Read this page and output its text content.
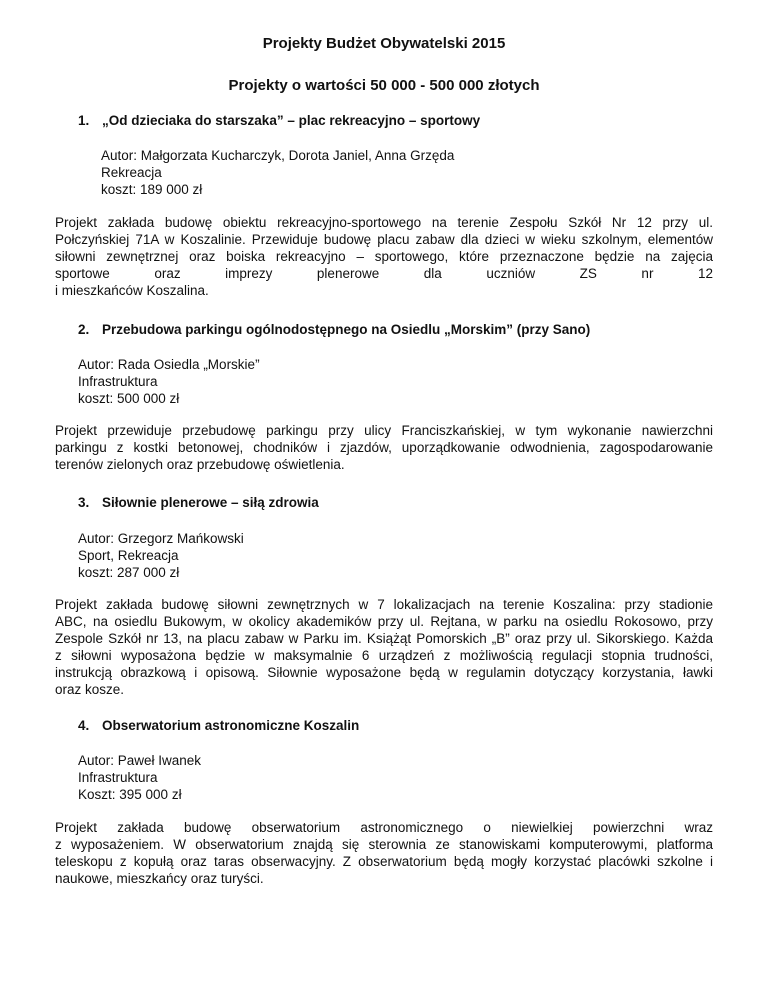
Projekty Budżet Obywatelski 2015
Projekty o wartości 50 000 - 500 000 złotych
1. „Od dzieciaka do starszaka” – plac rekreacyjno – sportowy
Autor: Małgorzata Kucharczyk, Dorota Janiel, Anna Grzęda
Rekreacja
koszt: 189 000 zł
Projekt zakłada budowę obiektu rekreacyjno-sportowego na terenie Zespołu Szkół Nr 12 przy ul.
Połczyńskiej 71A w Koszalinie. Przewiduje budowę placu zabaw dla dzieci w wieku szkolnym, elementów
siłowni zewnętrznej oraz boiska rekreacyjno – sportowego, które przeznaczone będzie na zajęcia
sportowe oraz imprezy plenerowe dla uczniów ZS nr 12
i mieszkańców Koszalina.
2. Przebudowa parkingu ogólnodostępnego na Osiedlu „Morskim” (przy Sano)
Autor: Rada Osiedla „Morskie”
Infrastruktura
koszt: 500 000 zł
Projekt przewiduje przebudowę parkingu przy ulicy Franciszkańskiej, w tym wykonanie nawierzchni
parkingu z kostki betonowej, chodników i zjazdów, uporządkowanie odwodnienia, zagospodarowanie
terenów zielonych oraz przebudowę oświetlenia.
3. Siłownie plenerowe – siłą zdrowia
Autor: Grzegorz Mańkowski
Sport, Rekreacja
koszt: 287 000 zł
Projekt zakłada budowę siłowni zewnętrznych w 7 lokalizacjach na terenie Koszalina: przy stadionie
ABC, na osiedlu Bukowym, w okolicy akademików przy ul. Rejtana, w parku na osiedlu Rokosowo, przy
Zespole Szkół nr 13, na placu zabaw w Parku im. Książąt Pomorskich „B” oraz przy ul. Sikorskiego. Każda
z siłowni wyposażona będzie w maksymalnie 6 urządzeń z możliwością regulacji stopnia trudności,
instrukcją obrazkową i opisową. Siłownie wyposażone będą w regulamin dotyczący korzystania, ławki
oraz kosze.
4. Obserwatorium astronomiczne Koszalin
Autor: Paweł Iwanek
Infrastruktura
Koszt: 395 000 zł
Projekt zakłada budowę obserwatorium astronomicznego o niewielkiej powierzchni wraz
z wyposażeniem. W obserwatorium znajdą się sterownia ze stanowiskami komputerowymi, platforma
teleskopu z kopułą oraz taras obserwacyjny. Z obserwatorium będą mogły korzystać placówki szkolne i
naukowe, mieszkańcy oraz turyści.
